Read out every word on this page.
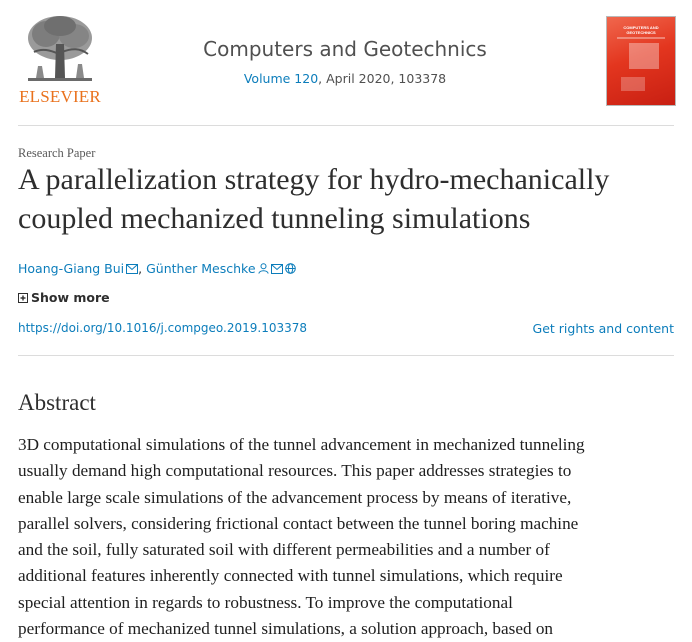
ELSEVIER
Computers and Geotechnics
Volume 120, April 2020, 103378
COMPUTERS AND GEOTECHNICS
Research Paper
A parallelization strategy for hydro-mechanically coupled mechanized tunneling simulations
Hoang-Giang Bui , Günther Meschke
Show more
https://doi.org/10.1016/j.compgeo.2019.103378	Get rights and content
Abstract

3D computational simulations of the tunnel advancement in mechanized tunneling
usually demand high computational resources. This paper addresses strategies to
enable large scale simulations of the advancement process by means of iterative,
parallel solvers, considering frictional contact between the tunnel boring machine
and the soil, fully saturated soil with different permeabilities and a number of
additional features inherently connected with tunnel simulations, which require
special attention in regards to robustness. To improve the computational
performance of mechanized tunnel simulations, a solution approach, based on
